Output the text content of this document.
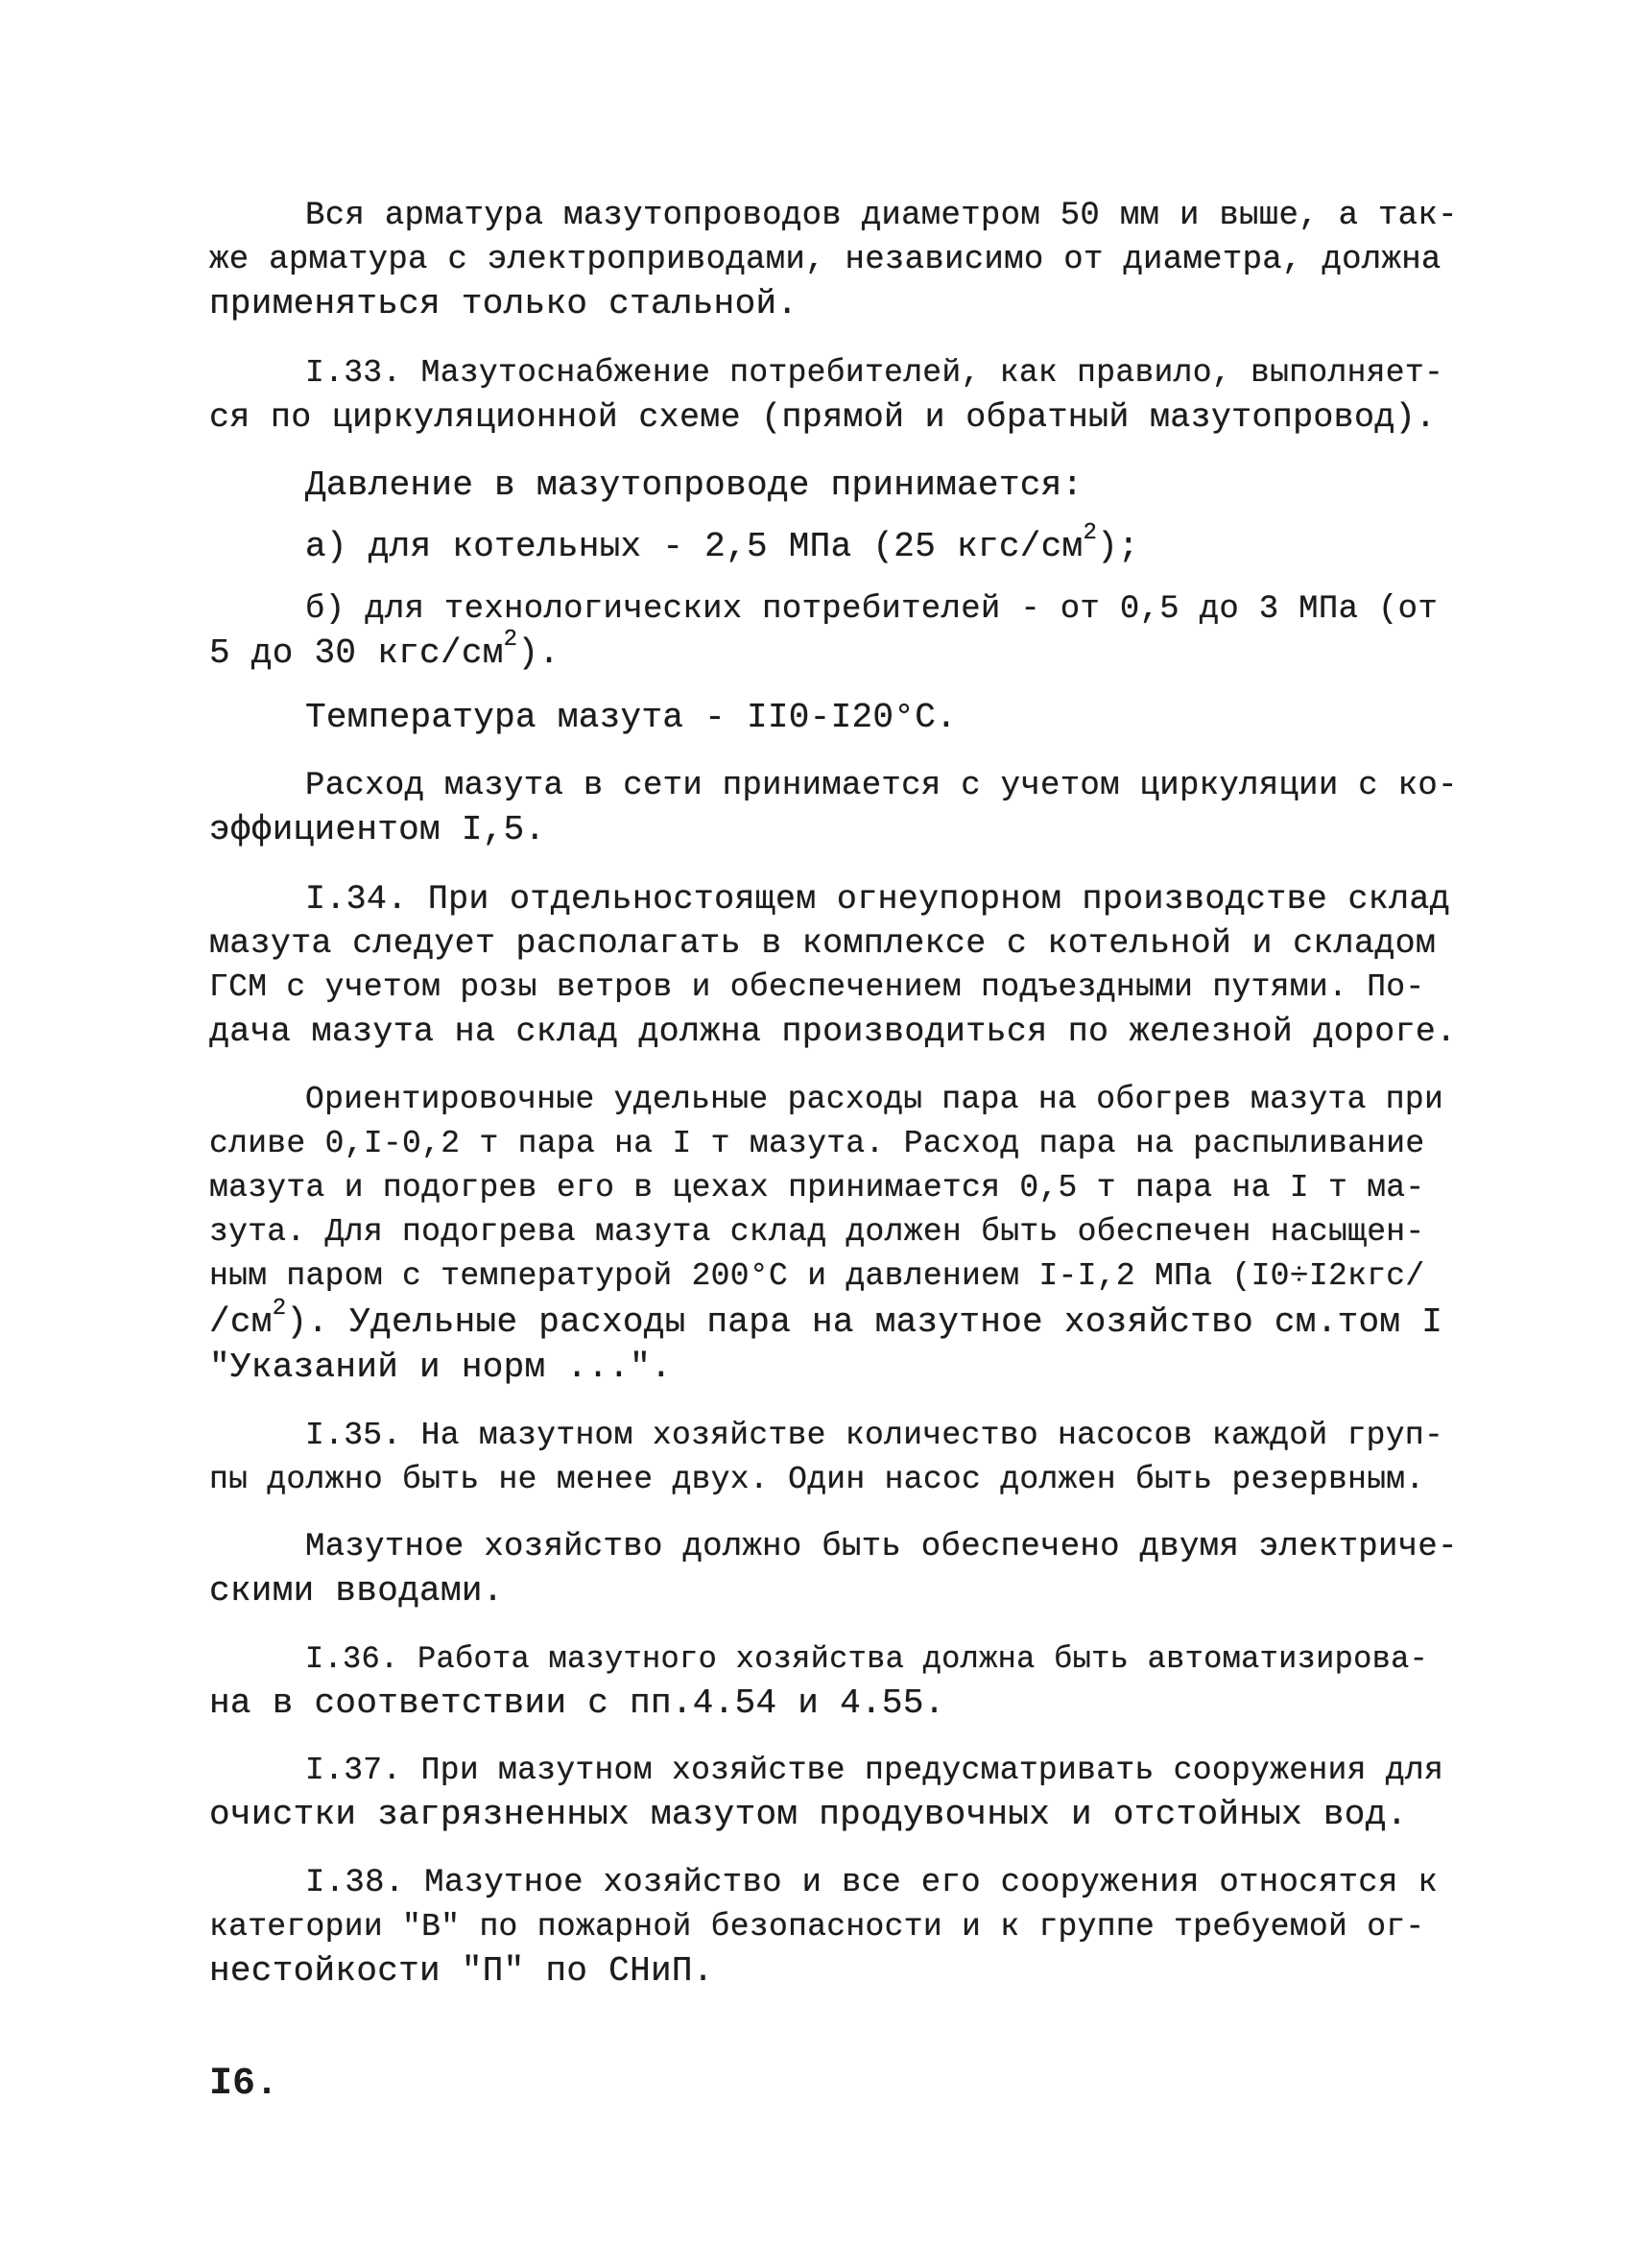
Вся арматура мазутопроводов диаметром 50 мм и выше, а так-

же арматура с электроприводами, независимо от диаметра, должна

применяться только стальной.

I.33. Мазутоснабжение потребителей, как правило, выполняет-

ся по циркуляционной схеме (прямой и обратный мазутопровод).

Давление в мазутопроводе принимается:

а) для котельных - 2,5 МПа (25 кгс/$см^2$);

б) для технологических потребителей - от 0,5 до 3 МПа (от

5 до 30 кгс/$см^2$).

Температура мазута - II0-I20°С.

Расход мазута в сети принимается с учетом циркуляции с ко-

эффициентом I,5.

I.34. При отдельностоящем огнеупорном производстве склад

мазута следует располагать в комплексе с котельной и складом

ГСМ с учетом розы ветров и обеспечением подъездными путями. По-

дача мазута на склад должна производиться по железной дороге.

Ориентировочные удельные расходы пара на обогрев мазута при

сливе 0,I-0,2 т пара на I т мазута. Расход пара на распыливание

мазута и подогрев его в цехах принимается 0,5 т пара на I т ма-

зута. Для подогрева мазута склад должен быть обеспечен насыщен-

ным паром с температурой 200°С и давлением I-I,2 МПа (I0÷I2кгс/

$/см^2$). Удельные расходы пара на мазутное хозяйство см.том I

"Указаний и норм ...".

I.35. На мазутном хозяйстве количество насосов каждой груп-

пы должно быть не менее двух. Один насос должен быть резервным.

Мазутное хозяйство должно быть обеспечено двумя электриче-

скими вводами.

I.36. Работа мазутного хозяйства должна быть автоматизирова-

на в соответствии с пп.4.54 и 4.55.

I.37. При мазутном хозяйстве предусматривать сооружения для

очистки загрязненных мазутом продувочных и отстойных вод.

I.38. Мазутное хозяйство и все его сооружения относятся к

категории "В" по пожарной безопасности и к группе требуемой ог-

нестойкости "П" по СНиП.

I6.
